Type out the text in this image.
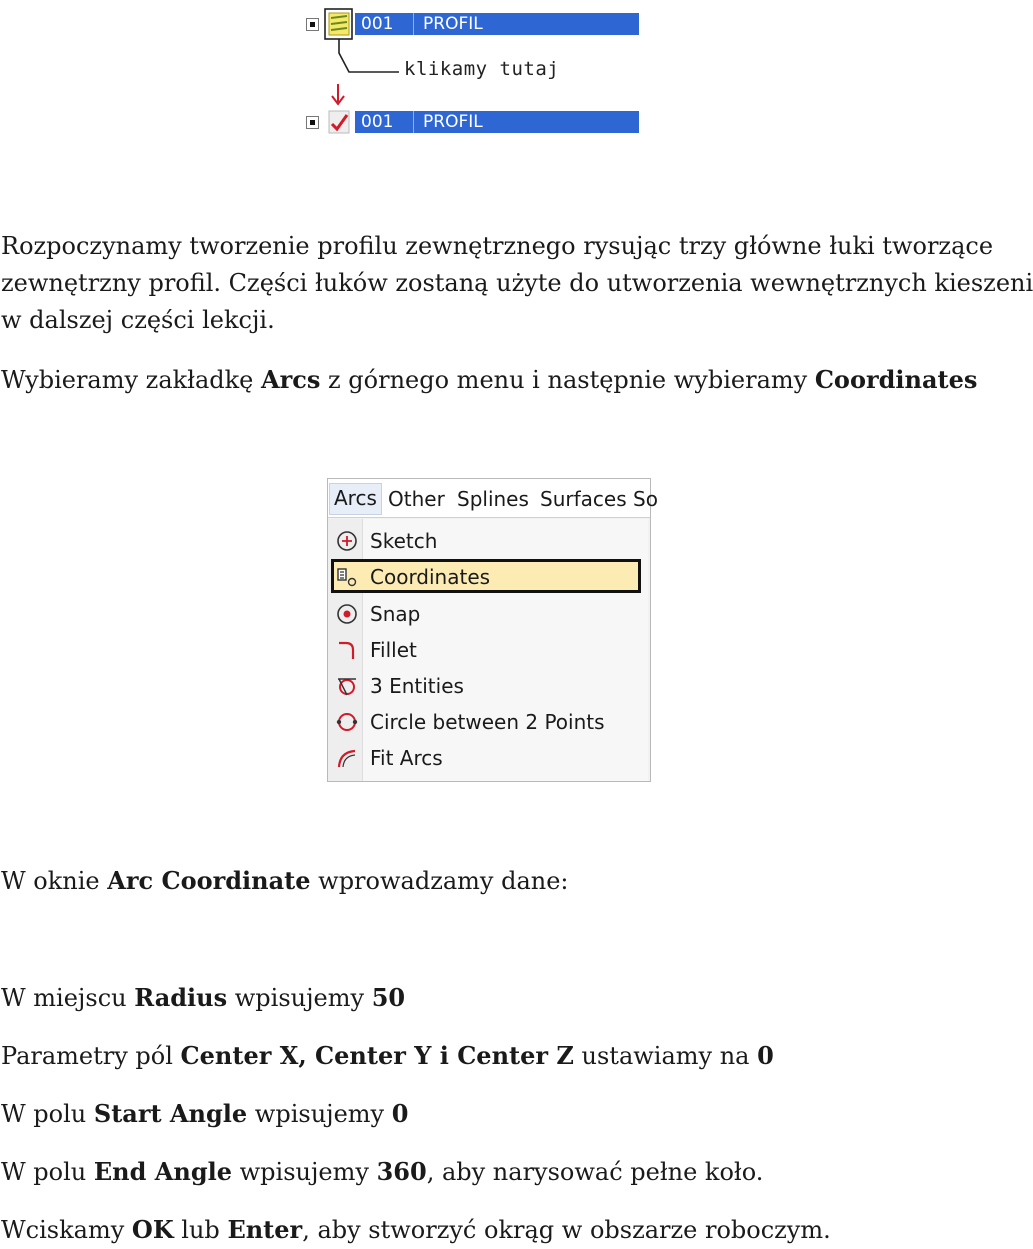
001 PROFIL
klikamy tutaj
001 PROFIL

Rozpoczynamy tworzenie profilu zewnętrznego rysując trzy główne łuki tworzące

zewnętrzny profil. Części łuków zostaną użyte do utworzenia wewnętrznych kieszeni

w dalszej części lekcji.

Wybieramy zakładkę Arcs z górnego menu i następnie wybieramy Coordinates

Arcs Other Splines Surfaces So
Sketch
Coordinates
Snap
Fillet
3 Entities
Circle between 2 Points
Fit Arcs

W oknie Arc Coordinate wprowadzamy dane:

W miejscu Radius wpisujemy 50

Parametry pól Center X, Center Y i Center Z ustawiamy na 0

W polu Start Angle wpisujemy 0

W polu End Angle wpisujemy 360, aby narysować pełne koło.

Wciskamy OK lub Enter, aby stworzyć okrąg w obszarze roboczym.
